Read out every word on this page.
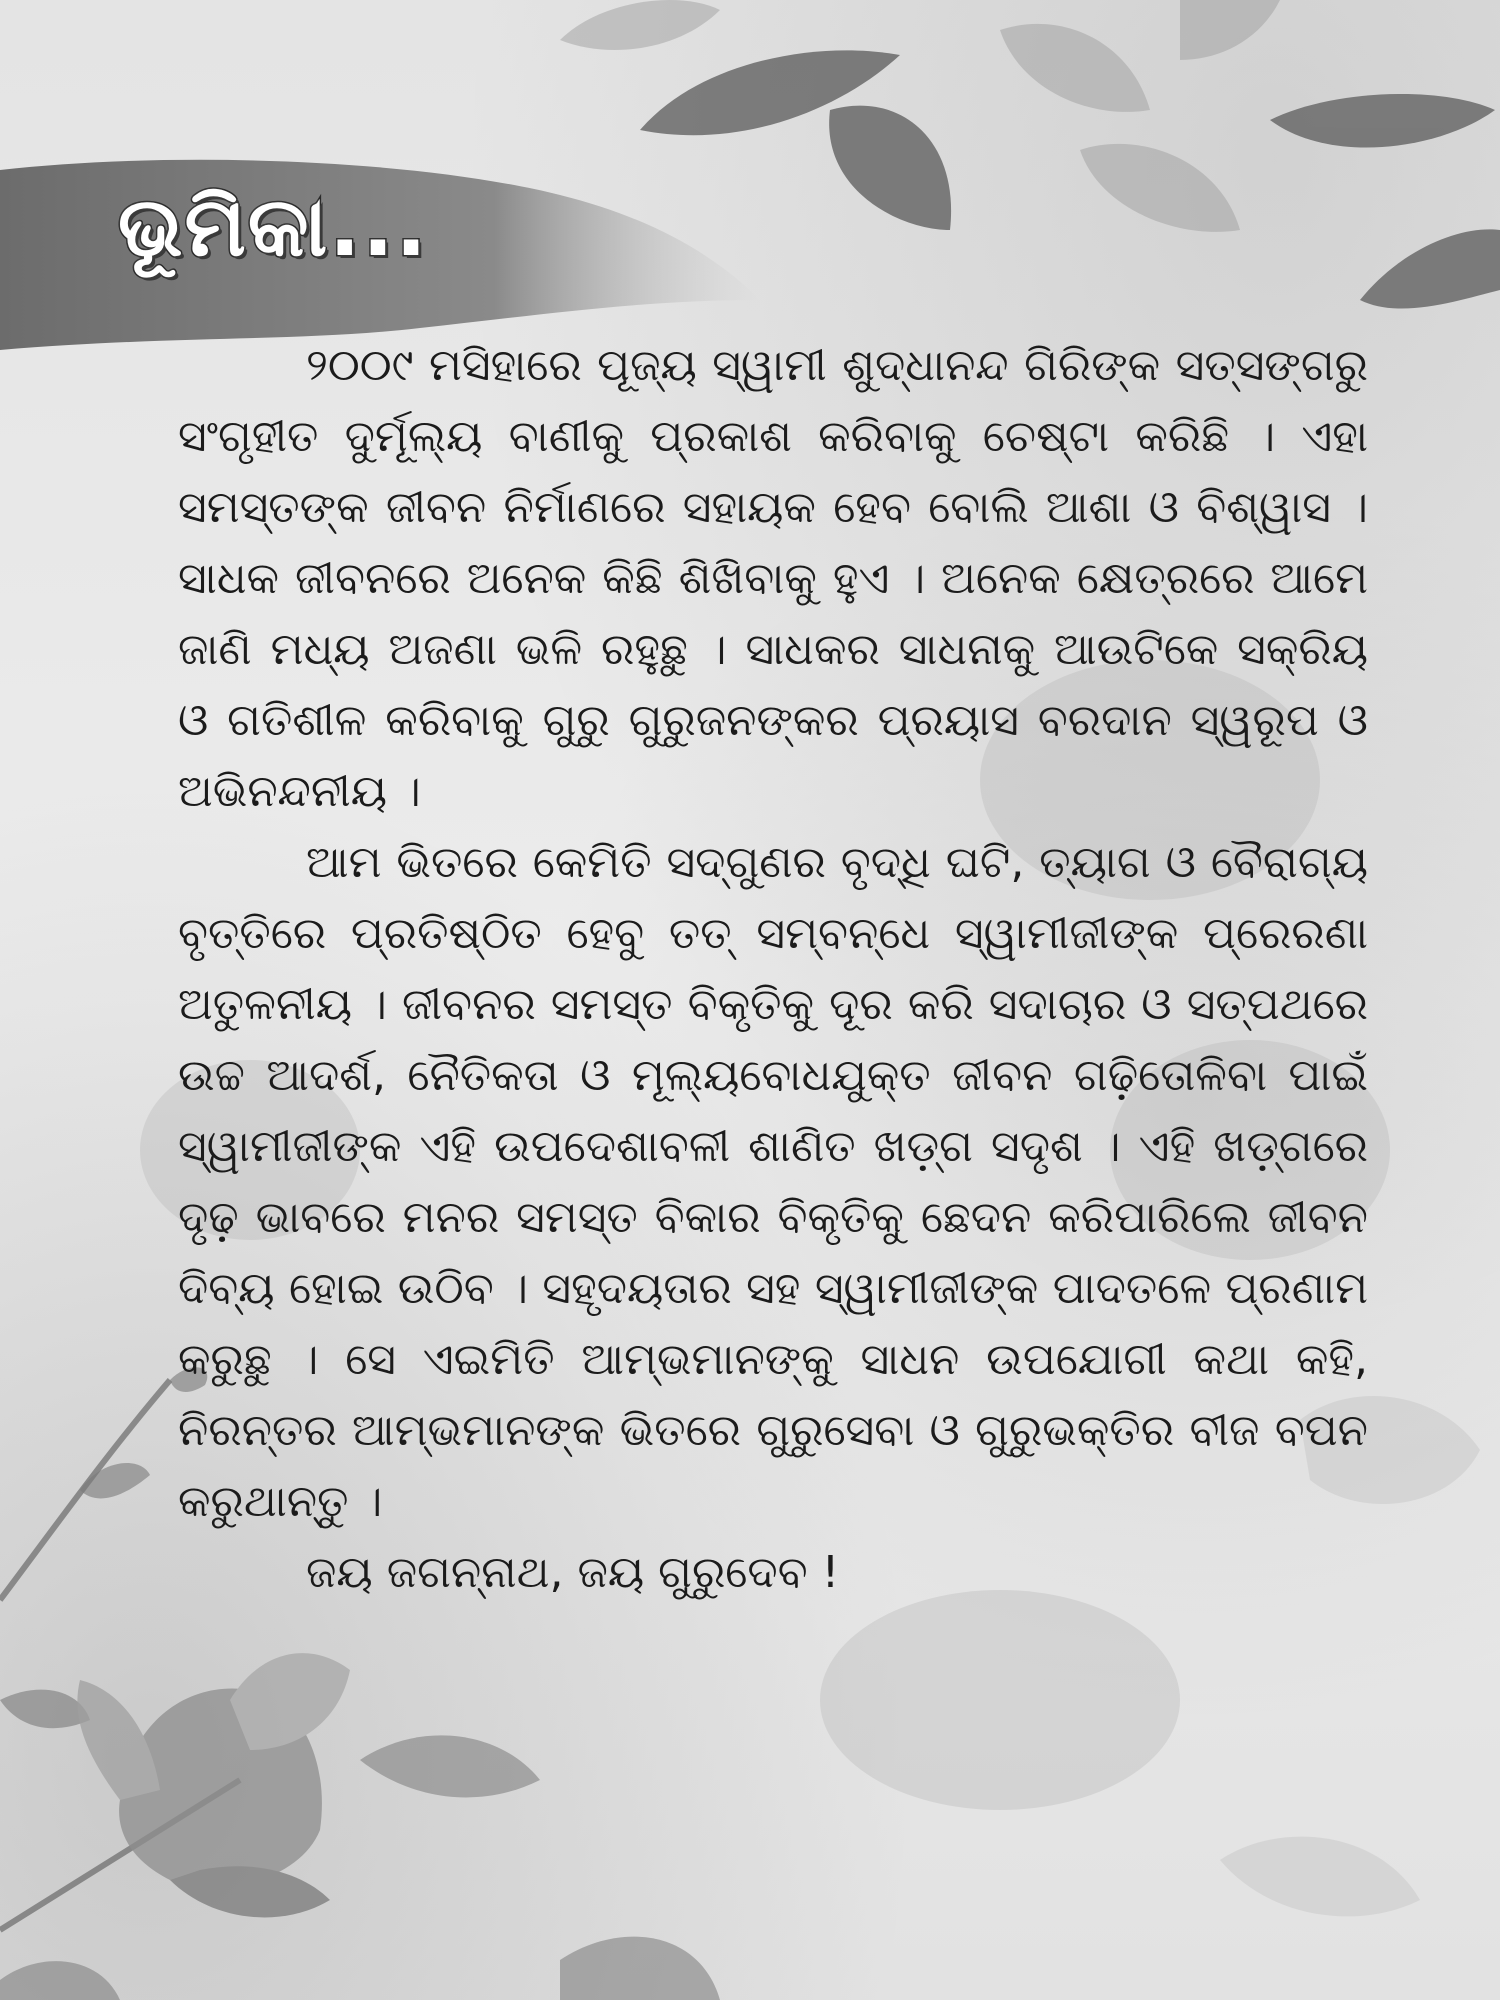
ଭୂମିକା...

୨୦୦୯ ମସିହାରେ ପୂଜ୍ୟ ସ୍ୱାମୀ ଶୁଦ୍ଧାନନ୍ଦ ଗିରିଙ୍କ ସତ୍‌ସଙ୍ଗରୁ ସଂଗୃହୀତ ଦୁର୍ମୂଲ୍ୟ ବାଣୀକୁ ପ୍ରକାଶ କରିବାକୁ ଚେଷ୍ଟା କରିଛି । ଏହା ସମସ୍ତଙ୍କ ଜୀବନ ନିର୍ମାଣରେ ସହାୟକ ହେବ ବୋଲି ଆଶା ଓ ବିଶ୍ୱାସ । ସାଧକ ଜୀବନରେ ଅନେକ କିଛି ଶିଖିବାକୁ ହୁଏ । ଅନେକ କ୍ଷେତ୍ରରେ ଆମେ ଜାଣି ମଧ୍ୟ ଅଜଣା ଭଳି ରହୁଛୁ । ସାଧକର ସାଧନାକୁ ଆଉଟିକେ ସକ୍ରିୟ ଓ ଗତିଶୀଳ କରିବାକୁ ଗୁରୁ ଗୁରୁଜନଙ୍କର ପ୍ରୟାସ ବରଦାନ ସ୍ୱରୂପ ଓ ଅଭିନନ୍ଦନୀୟ ।

ଆମ ଭିତରେ କେମିତି ସଦ୍‌ଗୁଣର ବୃଦ୍ଧି ଘଟି, ତ୍ୟାଗ ଓ ବୈରାଗ୍ୟ ବୃତ୍ତିରେ ପ୍ରତିଷ୍ଠିତ ହେବୁ ତତ୍ ସମ୍ବନ୍ଧେ ସ୍ୱାମୀଜୀଙ୍କ ପ୍ରେରଣା ଅତୁଳନୀୟ । ଜୀବନର ସମସ୍ତ ବିକୃତିକୁ ଦୂର କରି ସଦାଚାର ଓ ସତ୍‌ପଥରେ ଉଚ୍ଚ ଆଦର୍ଶ, ନୈତିକତା ଓ ମୂଲ୍ୟବୋଧଯୁକ୍ତ ଜୀବନ ଗଢ଼ିତୋଳିବା ପାଇଁ ସ୍ୱାମୀଜୀଙ୍କ ଏହି ଉପଦେଶାବଳୀ ଶାଣିତ ଖଡ଼୍‌ଗ ସଦୃଶ । ଏହି ଖଡ଼୍‌ଗରେ ଦୃଢ଼ ଭାବରେ ମନର ସମସ୍ତ ବିକାର ବିକୃତିକୁ ଛେଦନ କରିପାରିଲେ ଜୀବନ ଦିବ୍ୟ ହୋଇ ଉଠିବ । ସହୃଦୟତାର ସହ ସ୍ୱାମୀଜୀଙ୍କ ପାଦତଳେ ପ୍ରଣାମ କରୁଛୁ । ସେ ଏଇମିତି ଆମ୍ଭମାନଙ୍କୁ ସାଧନ ଉପଯୋଗୀ କଥା କହି, ନିରନ୍ତର ଆମ୍ଭମାନଙ୍କ ଭିତରେ ଗୁରୁସେବା ଓ ଗୁରୁଭକ୍ତିର ବୀଜ ବପନ କରୁଥାନ୍ତୁ ।

ଜୟ ଜଗନ୍ନାଥ, ଜୟ ଗୁରୁଦେବ !
